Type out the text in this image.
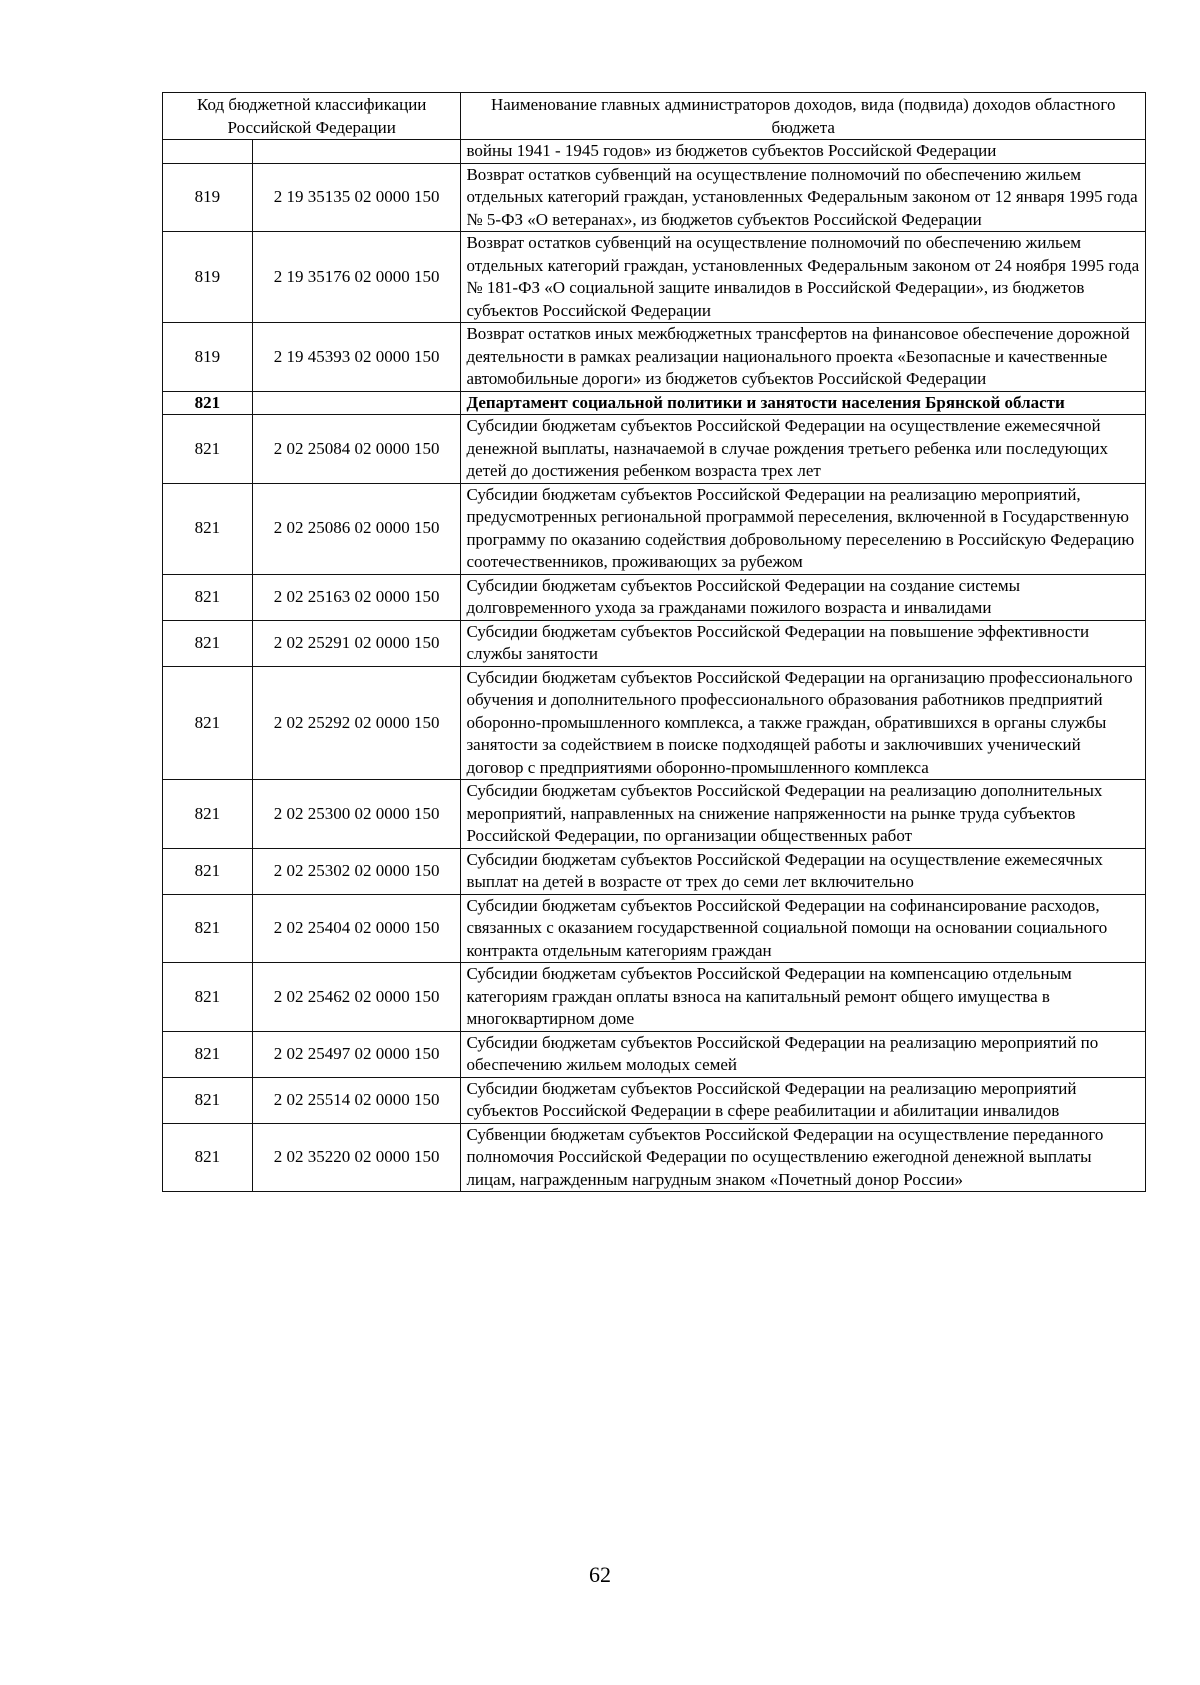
Код бюджетной классификации Российской Федерации		Наименование главных администраторов доходов, вида (подвида) доходов областного бюджета
		войны 1941 - 1945 годов» из бюджетов субъектов Российской Федерации
819	2 19 35135 02 0000 150	Возврат остатков субвенций на осуществление полномочий по обеспечению жильем отдельных категорий граждан, установленных Федеральным законом от 12 января 1995 года № 5-ФЗ «О ветеранах», из бюджетов субъектов Российской Федерации
819	2 19 35176 02 0000 150	Возврат остатков субвенций на осуществление полномочий по обеспечению жильем отдельных категорий граждан, установленных Федеральным законом от 24 ноября 1995 года № 181-ФЗ «О социальной защите инвалидов в Российской Федерации», из бюджетов субъектов Российской Федерации
819	2 19 45393 02 0000 150	Возврат остатков иных межбюджетных трансфертов на финансовое обеспечение дорожной деятельности в рамках реализации национального проекта «Безопасные и качественные автомобильные дороги» из бюджетов субъектов Российской Федерации
821		Департамент социальной политики и занятости населения Брянской области
821	2 02 25084 02 0000 150	Субсидии бюджетам субъектов Российской Федерации на осуществление ежемесячной денежной выплаты, назначаемой в случае рождения третьего ребенка или последующих детей до достижения ребенком возраста трех лет
821	2 02 25086 02 0000 150	Субсидии бюджетам субъектов Российской Федерации на реализацию мероприятий, предусмотренных региональной программой переселения, включенной в Государственную программу по оказанию содействия добровольному переселению в Российскую Федерацию соотечественников, проживающих за рубежом
821	2 02 25163 02 0000 150	Субсидии бюджетам субъектов Российской Федерации на создание системы долговременного ухода за гражданами пожилого возраста и инвалидами
821	2 02 25291 02 0000 150	Субсидии бюджетам субъектов Российской Федерации на повышение эффективности службы занятости
821	2 02 25292 02 0000 150	Субсидии бюджетам субъектов Российской Федерации на организацию профессионального обучения и дополнительного профессионального образования работников предприятий оборонно-промышленного комплекса, а также граждан, обратившихся в органы службы занятости за содействием в поиске подходящей работы и заключивших ученический договор с предприятиями оборонно-промышленного комплекса
821	2 02 25300 02 0000 150	Субсидии бюджетам субъектов Российской Федерации на реализацию дополнительных мероприятий, направленных на снижение напряженности на рынке труда субъектов Российской Федерации, по организации общественных работ
821	2 02 25302 02 0000 150	Субсидии бюджетам субъектов Российской Федерации на осуществление ежемесячных выплат на детей в возрасте от трех до семи лет включительно
821	2 02 25404 02 0000 150	Субсидии бюджетам субъектов Российской Федерации на софинансирование расходов, связанных с оказанием государственной социальной помощи на основании социального контракта отдельным категориям граждан
821	2 02 25462 02 0000 150	Субсидии бюджетам субъектов Российской Федерации на компенсацию отдельным категориям граждан оплаты взноса на капитальный ремонт общего имущества в многоквартирном доме
821	2 02 25497 02 0000 150	Субсидии бюджетам субъектов Российской Федерации на реализацию мероприятий по обеспечению жильем молодых семей
821	2 02 25514 02 0000 150	Субсидии бюджетам субъектов Российской Федерации на реализацию мероприятий субъектов Российской Федерации в сфере реабилитации и абилитации инвалидов
821	2 02 35220 02 0000 150	Субвенции бюджетам субъектов Российской Федерации на осуществление переданного полномочия Российской Федерации по осуществлению ежегодной денежной выплаты лицам, награжденным нагрудным знаком «Почетный донор России»
62
